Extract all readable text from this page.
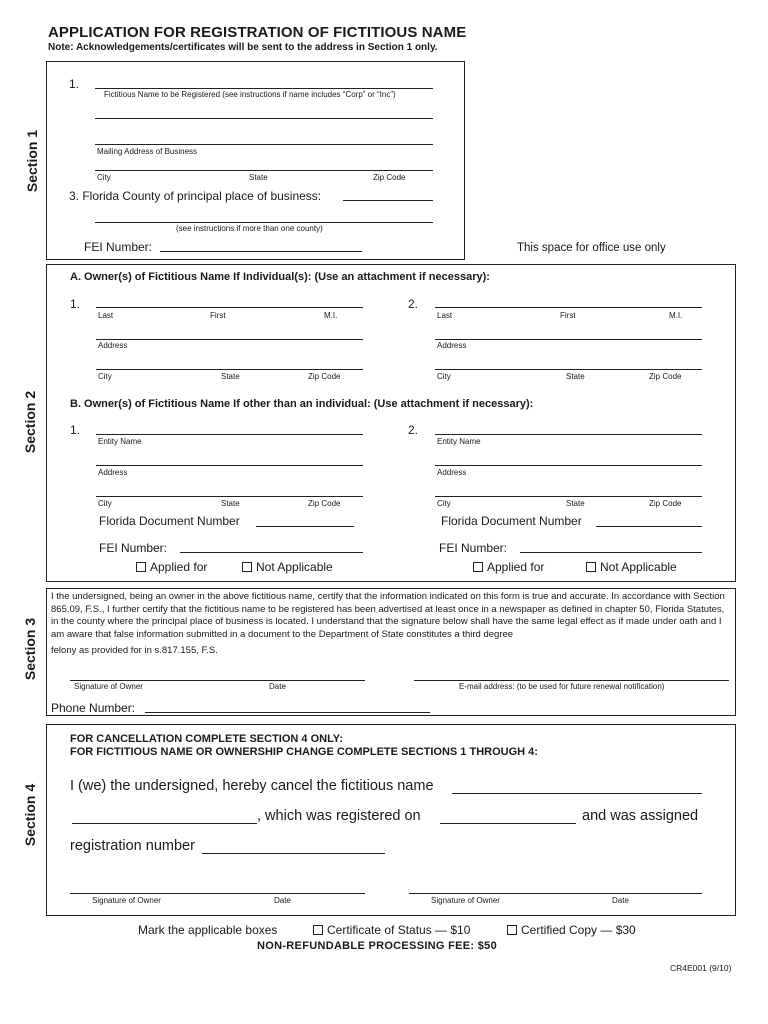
APPLICATION FOR REGISTRATION OF FICTITIOUS NAME
Note: Acknowledgements/certificates will be sent to the address in Section 1 only.
Section 1
1.
Fictitious Name to be Registered (see instructions if name includes “Corp” or “Inc”)
Mailing Address of Business
City	State	Zip Code
3. Florida County of principal place of business:
(see instructions if more than one county)
FEI Number:	This space for office use only
Section 2
A. Owner(s) of Fictitious Name If Individual(s): (Use an attachment if necessary):
1.
Last	First	M.I.
Address
City	State	Zip Code
2.
Last	First	M.I.
Address
City	State	Zip Code
B. Owner(s) of Fictitious Name If other than an individual: (Use attachment if necessary):
1.
Entity Name
Address
City	State	Zip Code
Florida Document Number
FEI Number:
Applied for	Not Applicable
2.
Entity Name
Address
City	State	Zip Code
Florida Document Number
FEI Number:
Applied for	Not Applicable
Section 3
I the undersigned, being an owner in the above fictitious name, certify that the information indicated on this form is true and accurate. In accordance with Section 865.09, F.S., I further certify that the fictitious name to be registered has been advertised at least once in a newspaper as defined in chapter 50, Florida Statutes, in the county where the principal place of business is located. I understand that the signature below shall have the same legal effect as if made under oath and I am aware that false information submitted in a document to the Department of State constitutes a third degree
felony as provided for in s.817.155, F.S.
Signature of Owner	Date	E-mail address: (to be used for future renewal notification)
Phone Number:
Section 4
FOR CANCELLATION COMPLETE SECTION 4 ONLY:
FOR FICTITIOUS NAME OR OWNERSHIP CHANGE COMPLETE SECTIONS 1 THROUGH 4:
I (we) the undersigned, hereby cancel the fictitious name
, which was registered on	and was assigned
registration number
Signature of Owner	Date	Signature of Owner	Date
Mark the applicable boxes	Certificate of Status — $10	Certified Copy — $30
NON-REFUNDABLE PROCESSING FEE: $50
CR4E001 (9/10)
